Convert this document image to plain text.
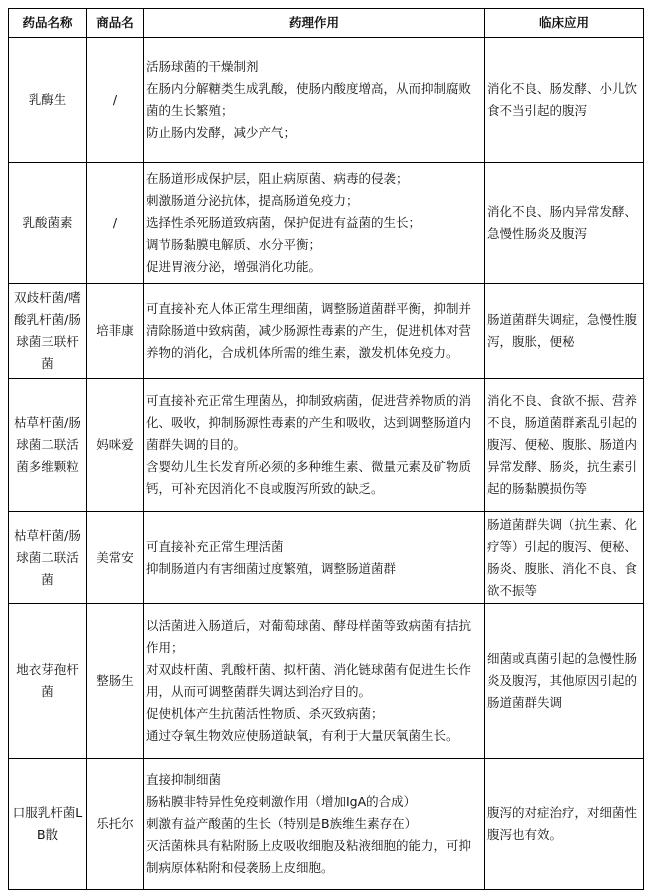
药品名称	商品名	药理作用	临床应用
乳酶生	/	活肠球菌的干燥制剂
在肠内分解糖类生成乳酸，使肠内酸度增高，从而抑制腐败菌的生长繁殖；
防止肠内发酵，减少产气；	消化不良、肠发酵、小儿饮食不当引起的腹泻
乳酸菌素	/	在肠道形成保护层，阻止病原菌、病毒的侵袭；
刺激肠道分泌抗体，提高肠道免疫力；
选择性杀死肠道致病菌，保护促进有益菌的生长；
调节肠黏膜电解质、水分平衡；
促进胃液分泌，增强消化功能。	消化不良、肠内异常发酵、急慢性肠炎及腹泻
双歧杆菌/嗜酸乳杆菌/肠球菌三联杆菌	培菲康	可直接补充人体正常生理细菌，调整肠道菌群平衡，抑制并清除肠道中致病菌，减少肠源性毒素的产生，促进机体对营养物的消化，合成机体所需的维生素，激发机体免疫力。	肠道菌群失调症，急慢性腹泻，腹胀，便秘
枯草杆菌/肠球菌二联活菌多维颗粒	妈咪爱	可直接补充正常生理菌丛，抑制致病菌，促进营养物质的消化、吸收，抑制肠源性毒素的产生和吸收，达到调整肠道内菌群失调的目的。
含婴幼儿生长发育所必须的多种维生素、微量元素及矿物质钙，可补充因消化不良或腹泻所致的缺乏。	消化不良、食欲不振、营养不良，肠道菌群紊乱引起的腹泻、便秘、腹胀、肠道内异常发酵、肠炎，抗生素引起的肠黏膜损伤等
枯草杆菌/肠球菌二联活菌	美常安	可直接补充正常生理活菌
抑制肠道内有害细菌过度繁殖，调整肠道菌群	肠道菌群失调（抗生素、化疗等）引起的腹泻、便秘、肠炎、腹胀、消化不良、食欲不振等
地衣芽孢杆菌	整肠生	以活菌进入肠道后，对葡萄球菌、酵母样菌等致病菌有拮抗作用；
对双歧杆菌、乳酸杆菌、拟杆菌、消化链球菌有促进生长作用，从而可调整菌群失调达到治疗目的。
促使机体产生抗菌活性物质、杀灭致病菌；
通过夺氧生物效应使肠道缺氧，有利于大量厌氧菌生长。	细菌或真菌引起的急慢性肠炎及腹泻，其他原因引起的肠道菌群失调
口服乳杆菌LB散	乐托尔	直接抑制细菌
肠粘膜非特异性免疫刺激作用（增加IgA的合成）
刺激有益产酸菌的生长（特别是B族维生素存在）
灭活菌株具有粘附肠上皮吸收细胞及粘液细胞的能力，可抑制病原体粘附和侵袭肠上皮细胞。	腹泻的对症治疗，对细菌性腹泻也有效。
